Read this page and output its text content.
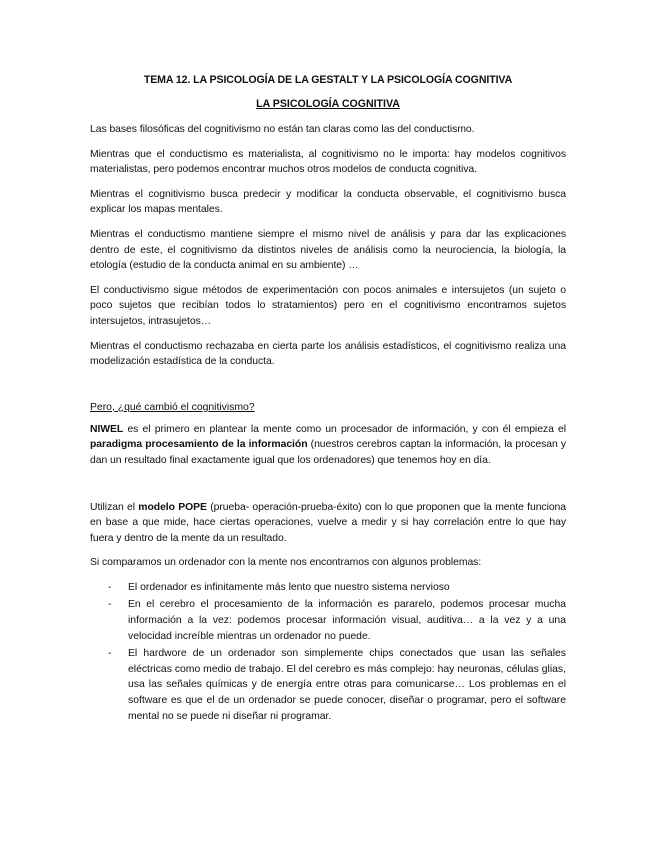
TEMA 12. LA PSICOLOGÍA DE LA GESTALT Y LA PSICOLOGÍA COGNITIVA
LA PSICOLOGÍA COGNITIVA

Las bases filosóficas del cognitivismo no están tan claras como las del conductismo.

Mientras que el conductismo es materialista, al cognitivismo no le importa: hay modelos cognitivos materialistas, pero podemos encontrar muchos otros modelos de conducta cognitiva.

Mientras el cognitivismo busca predecir y modificar la conducta observable, el cognitivismo busca explicar los mapas mentales.

Mientras el conductismo mantiene siempre el mismo nivel de análisis y para dar las explicaciones dentro de este, el cognitivismo da distintos niveles de análisis como la neurociencia, la biología, la etología (estudio de la conducta animal en su ambiente) …

El conductivismo sigue métodos de experimentación con pocos animales e intersujetos (un sujeto o poco sujetos que recibían todos lo stratamientos) pero en el cognitivismo encontramos sujetos intersujetos, intrasujetos…

Mientras el conductismo rechazaba en cierta parte los análisis estadísticos, el cognitivismo realiza una modelización estadística de la conducta.

Pero, ¿qué cambió el cognitivismo?

NIWEL es el primero en plantear la mente como un procesador de información, y con él empieza el paradigma procesamiento de la información (nuestros cerebros captan la información, la procesan y dan un resultado final exactamente igual que los ordenadores) que tenemos hoy en día.

Utilizan el modelo POPE (prueba- operación-prueba-éxito) con lo que proponen que la mente funciona en base a que mide, hace ciertas operaciones, vuelve a medir y si hay correlación entre lo que hay fuera y dentro de la mente da un resultado.

Si comparamos un ordenador con la mente nos encontramos con algunos problemas:

- El ordenador es infinitamente más lento que nuestro sistema nervioso
- En el cerebro el procesamiento de la información es pararelo, podemos procesar mucha información a la vez: podemos procesar información visual, auditiva… a la vez y a una velocidad increíble mientras un ordenador no puede.
- El hardwore de un ordenador son simplemente chips conectados que usan las señales eléctricas como medio de trabajo. El del cerebro es más complejo: hay neuronas, células glias, usa las señales químicas y de energía entre otras para comunicarse… Los problemas en el software es que el de un ordenador se puede conocer, diseñar o programar, pero el software mental no se puede ni diseñar ni programar.
